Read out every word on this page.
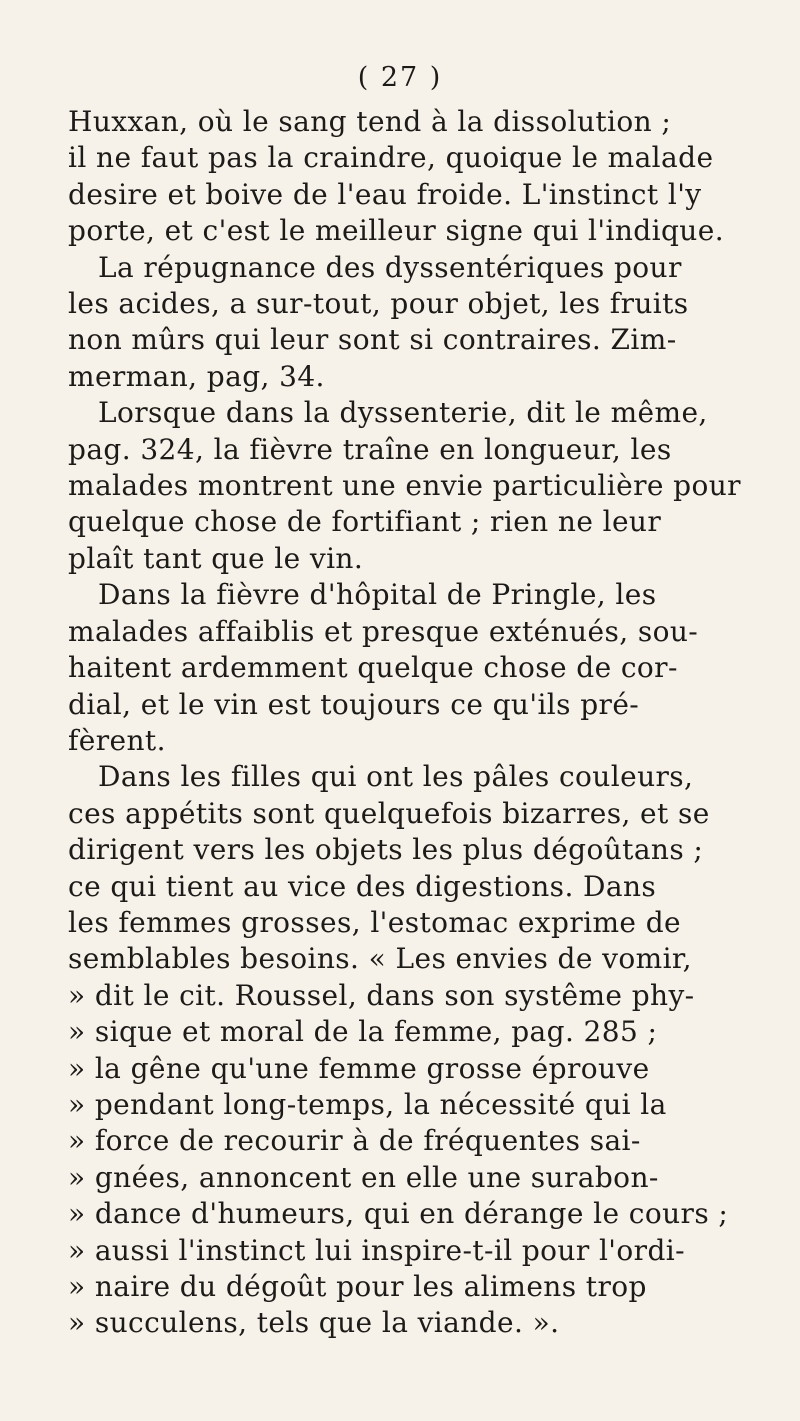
( 27 )
Huxxan, où le sang tend à la dissolution ;
il ne faut pas la craindre, quoique le malade
desire et boive de l'eau froide. L'instinct l'y
porte, et c'est le meilleur signe qui l'indique.
La répugnance des dyssentériques pour
les acides, a sur-tout, pour objet, les fruits
non mûrs qui leur sont si contraires. Zim-
merman, pag, 34.
Lorsque dans la dyssenterie, dit le même,
pag. 324, la fièvre traîne en longueur, les
malades montrent une envie particulière pour
quelque chose de fortifiant ; rien ne leur
plaît tant que le vin.
Dans la fièvre d'hôpital de Pringle, les
malades affaiblis et presque exténués, sou-
haitent ardemment quelque chose de cor-
dial, et le vin est toujours ce qu'ils pré-
fèrent.
Dans les filles qui ont les pâles couleurs,
ces appétits sont quelquefois bizarres, et se
dirigent vers les objets les plus dégoûtans ;
ce qui tient au vice des digestions. Dans
les femmes grosses, l'estomac exprime de
semblables besoins. « Les envies de vomir,
» dit le cit. Roussel, dans son systême phy-
» sique et moral de la femme, pag. 285 ;
» la gêne qu'une femme grosse éprouve
» pendant long-temps, la nécessité qui la
» force de recourir à de fréquentes sai-
» gnées, annoncent en elle une surabon-
» dance d'humeurs, qui en dérange le cours ;
» aussi l'instinct lui inspire-t-il pour l'ordi-
» naire du dégoût pour les alimens trop
» succulens, tels que la viande. ».
